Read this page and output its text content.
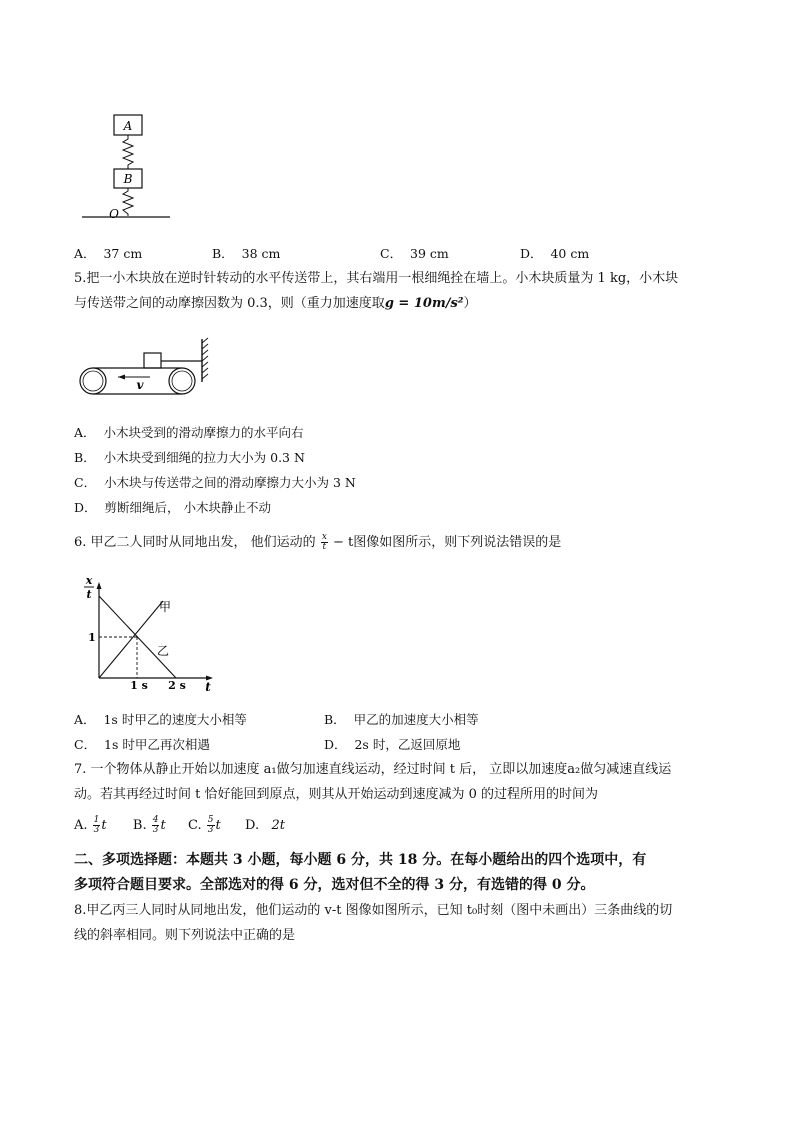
A
B
O
A． 37 cm	B． 38 cm	C． 39 cm	D． 40 cm
5.把一小木块放在逆时针转动的水平传送带上，其右端用一根细绳拴在墙上。小木块质量为 1 kg，小木块
与传送带之间的动摩擦因数为 0.3，则（重力加速度取g = 10m/s²）
v
A． 小木块受到的滑动摩擦力的水平向右
B． 小木块受到细绳的拉力大小为 0.3 N
C． 小木块与传送带之间的滑动摩擦力大小为 3 N
D． 剪断细绳后， 小木块静止不动
6. 甲乙二人同时从同地出发， 他们运动的 $\frac{x}{t} - t$图像如图所示，则下列说法错误的是
x
t
t
1
1 s 2 s
甲
乙
A． 1s 时甲乙的速度大小相等	B． 甲乙的加速度大小相等
C． 1s 时甲乙再次相遇	D． 2s 时，乙返回原地
7. 一个物体从静止开始以加速度 a₁做匀加速直线运动，经过时间 t 后， 立即以加速度a₂做匀减速直线运
动。若其再经过时间 t 恰好能回到原点，则其从开始运动到速度减为 0 的过程所用的时间为
A. $\frac{1}{3}$ t B. $\frac{4}{3}$ t C. $\frac{5}{3}$ t D. 2t
二、多项选择题：本题共 3 小题，每小题 6 分，共 18 分。在每小题给出的四个选项中，有
多项符合题目要求。全部选对的得 6 分，选对但不全的得 3 分，有选错的得 0 分。
8.甲乙丙三人同时从同地出发，他们运动的 v-t 图像如图所示，已知 t₀时刻（图中未画出）三条曲线的切
线的斜率相同。则下列说法中正确的是
